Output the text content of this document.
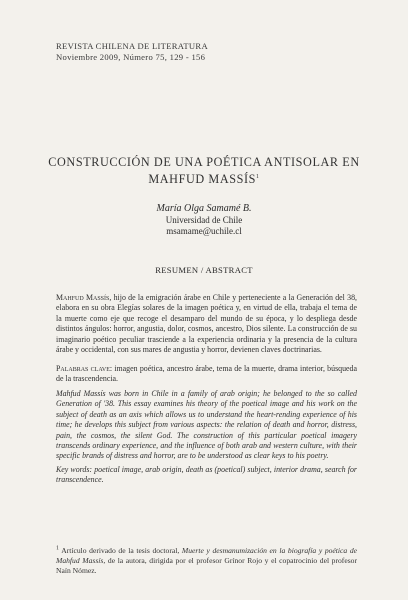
REVISTA CHILENA DE LITERATURA
Noviembre 2009, Número 75, 129 - 156
CONSTRUCCIÓN DE UNA POÉTICA ANTISOLAR EN
MAHFUD MASSÍS$^1$
María Olga Samamé B.
Universidad de Chile
msamame@uchile.cl
RESUMEN / ABSTRACT
Mahfud Massís, hijo de la emigración árabe en Chile y perteneciente a la Generación del 38, elabora en su obra Elegías solares de la imagen poética y, en virtud de ella, trabaja el tema de la muerte como eje que recoge el desamparo del mundo de su época, y lo despliega desde distintos ángulos: horror, angustia, dolor, cosmos, ancestro, Dios silente. La construcción de su imaginario poético peculiar trasciende a la experiencia ordinaria y la presencia de la cultura árabe y occidental, con sus mares de angustia y horror, devienen claves doctrinarias.
Palabras clave: imagen poética, ancestro árabe, tema de la muerte, drama interior, búsqueda de la trascendencia.
Mahfud Massís was born in Chile in a family of arab origin; he belonged to the so called Generation of '38. This essay examines his theory of the poetical image and his work on the subject of death as an axis which allows us to understand the heart-rending experience of his time; he develops this subject from various aspects: the relation of death and horror, distress, pain, the cosmos, the silent God. The construction of this particular poetical imagery transcends ordinary experience, and the influence of both arab and western culture, with their specific brands of distress and horror, are to be understood as clear keys to his poetry.
Key words: poetical image, arab origin, death as (poetical) subject, interior drama, search for transcendence.
$^1$ Artículo derivado de la tesis doctoral, Muerte y desmanumización en la biografía y poética de Mahfud Massís, de la autora, dirigida por el profesor Grínor Rojo y el copatrocinio del profesor Naín Nómez.
